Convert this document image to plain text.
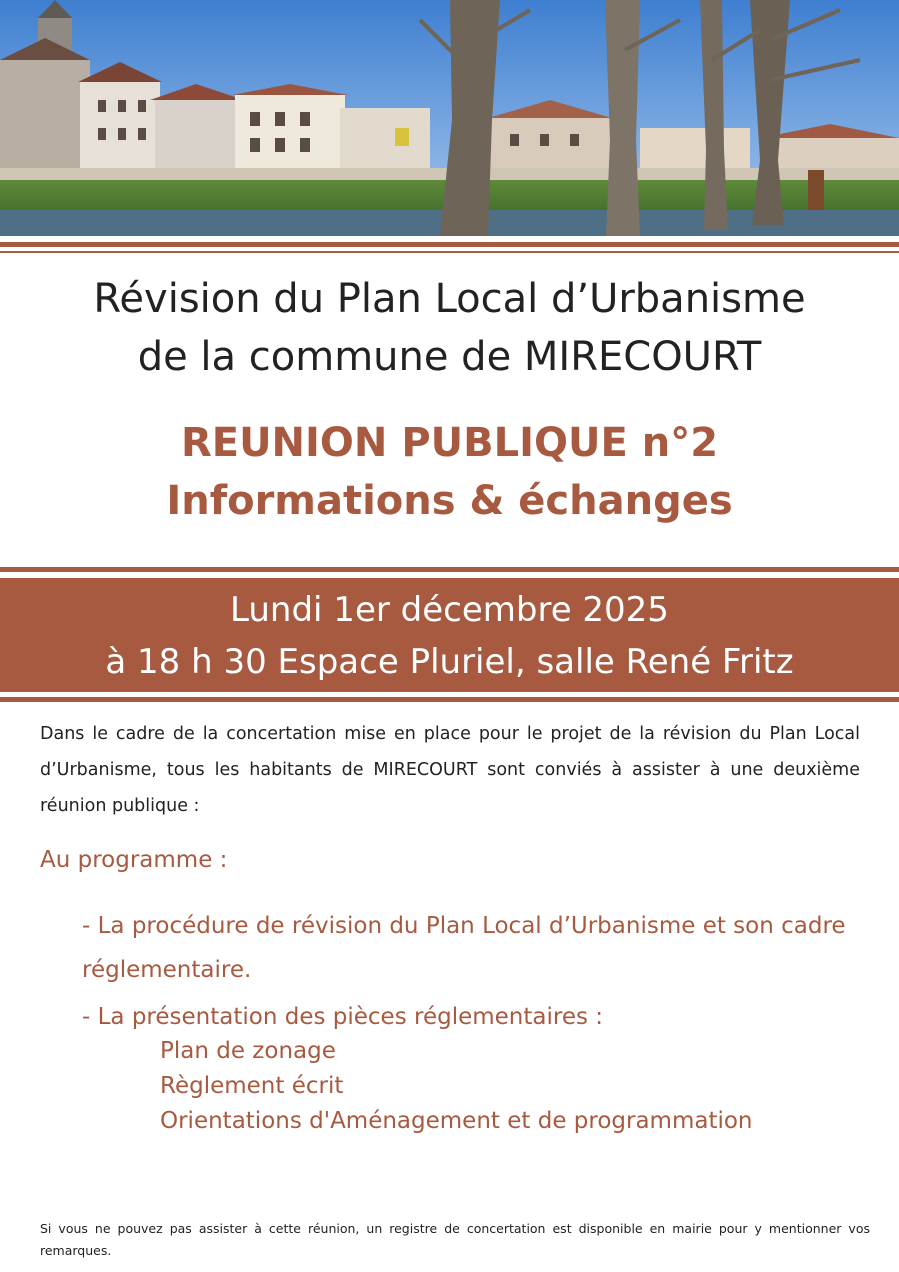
Révision du Plan Local d’Urbanisme
de la commune de MIRECOURT
REUNION PUBLIQUE n°2
Informations & échanges
Lundi 1er décembre 2025
à 18 h 30 Espace Pluriel, salle René Fritz
Dans le cadre de la concertation mise en place pour le projet de la révision du Plan Local d’Urbanisme, tous les habitants de MIRECOURT sont conviés à assister à une deuxième réunion publique :
Au programme :
- La procédure de révision du Plan Local d’Urbanisme et son cadre réglementaire.
- La présentation des pièces réglementaires :
Plan de zonage
Règlement écrit
Orientations d'Aménagement et de programmation
Si vous ne pouvez pas assister à cette réunion, un registre de concertation est disponible en mairie pour y mentionner vos remarques.
